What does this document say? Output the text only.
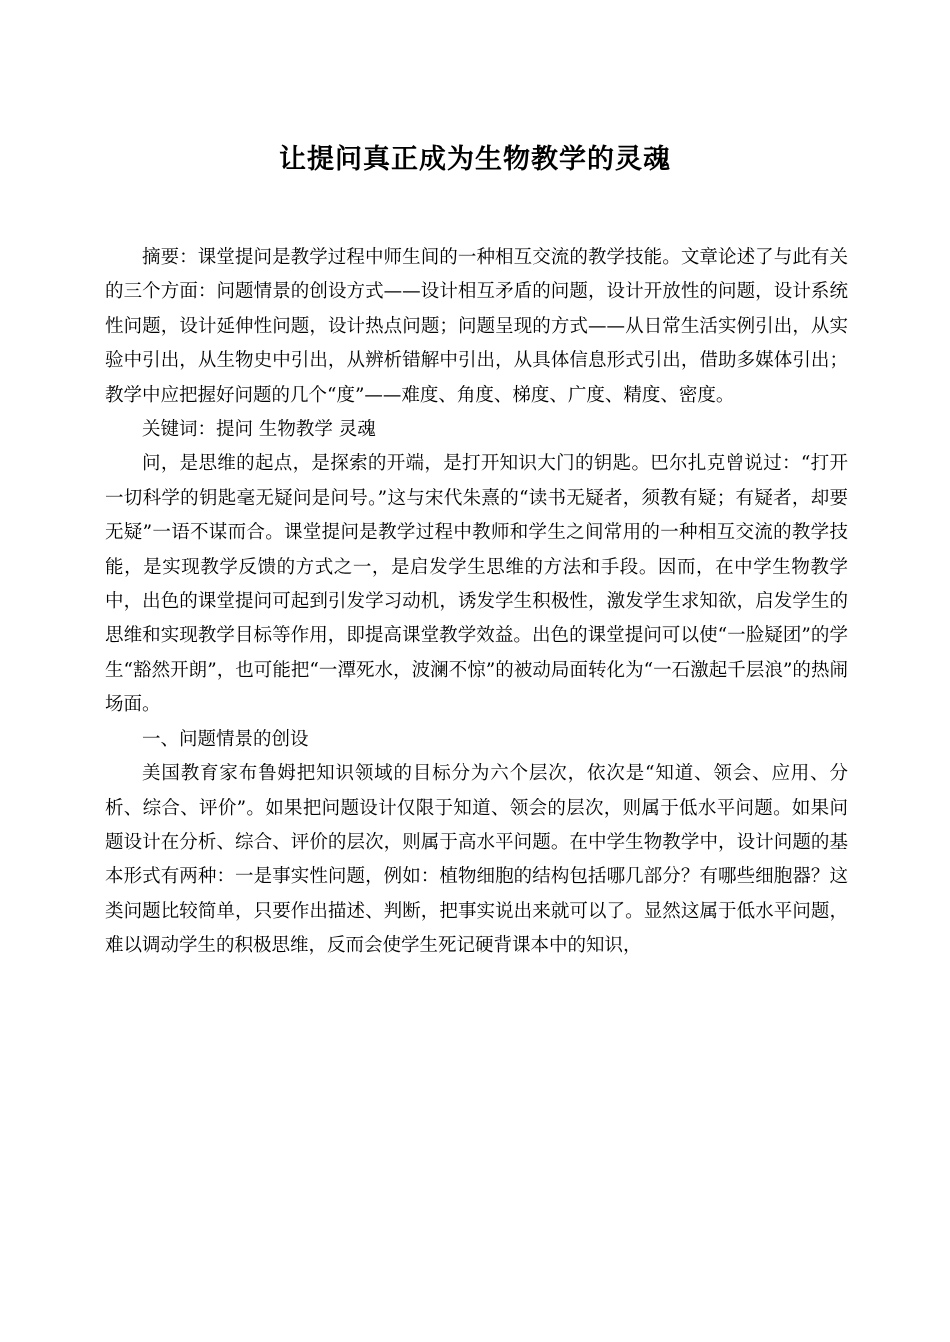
让提问真正成为生物教学的灵魂

摘要：课堂提问是教学过程中师生间的一种相互交流的教学技能。文章论述了与此有关的三个方面：问题情景的创设方式——设计相互矛盾的问题，设计开放性的问题，设计系统性问题，设计延伸性问题，设计热点问题；问题呈现的方式——从日常生活实例引出，从实验中引出，从生物史中引出，从辨析错解中引出，从具体信息形式引出，借助多媒体引出；教学中应把握好问题的几个“度”——难度、角度、梯度、广度、精度、密度。

关键词：提问 生物教学 灵魂

问，是思维的起点，是探索的开端，是打开知识大门的钥匙。巴尔扎克曾说过：“打开一切科学的钥匙毫无疑问是问号。”这与宋代朱熹的“读书无疑者，须教有疑；有疑者，却要无疑”一语不谋而合。课堂提问是教学过程中教师和学生之间常用的一种相互交流的教学技能，是实现教学反馈的方式之一，是启发学生思维的方法和手段。因而，在中学生物教学中，出色的课堂提问可起到引发学习动机，诱发学生积极性，激发学生求知欲，启发学生的思维和实现教学目标等作用，即提高课堂教学效益。出色的课堂提问可以使“一脸疑团”的学生“豁然开朗”，也可能把“一潭死水，波澜不惊”的被动局面转化为“一石激起千层浪”的热闹场面。

一、问题情景的创设

美国教育家布鲁姆把知识领域的目标分为六个层次，依次是“知道、领会、应用、分析、综合、评价”。如果把问题设计仅限于知道、领会的层次，则属于低水平问题。如果问题设计在分析、综合、评价的层次，则属于高水平问题。在中学生物教学中，设计问题的基本形式有两种：一是事实性问题，例如：植物细胞的结构包括哪几部分？有哪些细胞器？这类问题比较简单，只要作出描述、判断，把事实说出来就可以了。显然这属于低水平问题，难以调动学生的积极思维，反而会使学生死记硬背课本中的知识，
